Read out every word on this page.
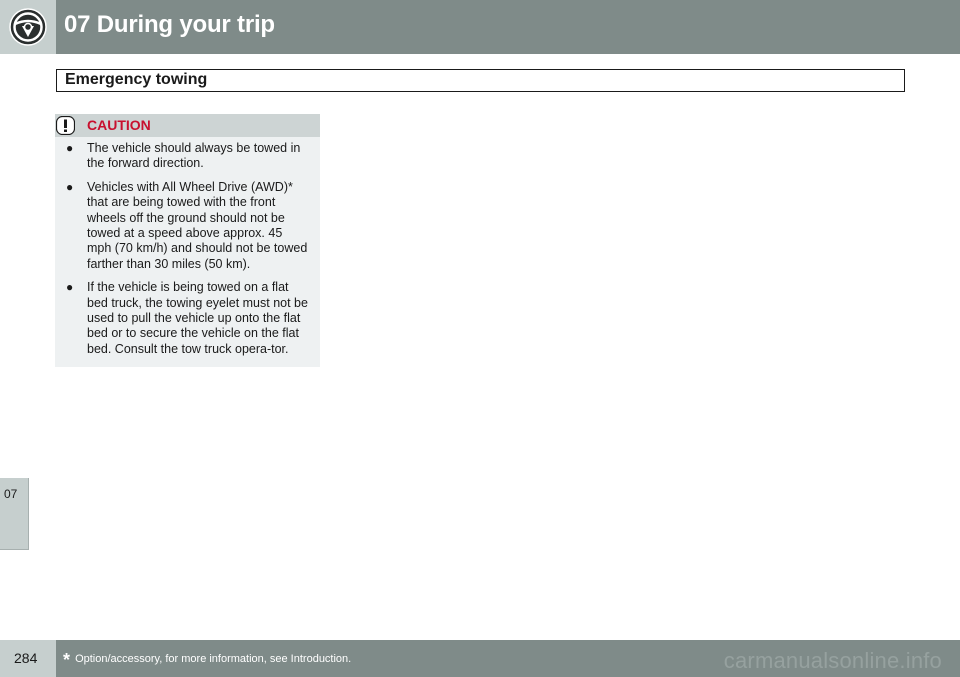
07 During your trip
Emergency towing
CAUTION
● The vehicle should always be towed in the forward direction.
● Vehicles with All Wheel Drive (AWD)* that are being towed with the front wheels off the ground should not be towed at a speed above approx. 45 mph (70 km/h) and should not be towed farther than 30 miles (50 km).
● If the vehicle is being towed on a flat bed truck, the towing eyelet must not be used to pull the vehicle up onto the flat bed or to secure the vehicle on the flat bed. Consult the tow truck opera-tor.
07
284 * Option/accessory, for more information, see Introduction.	carmanualsonline.info
